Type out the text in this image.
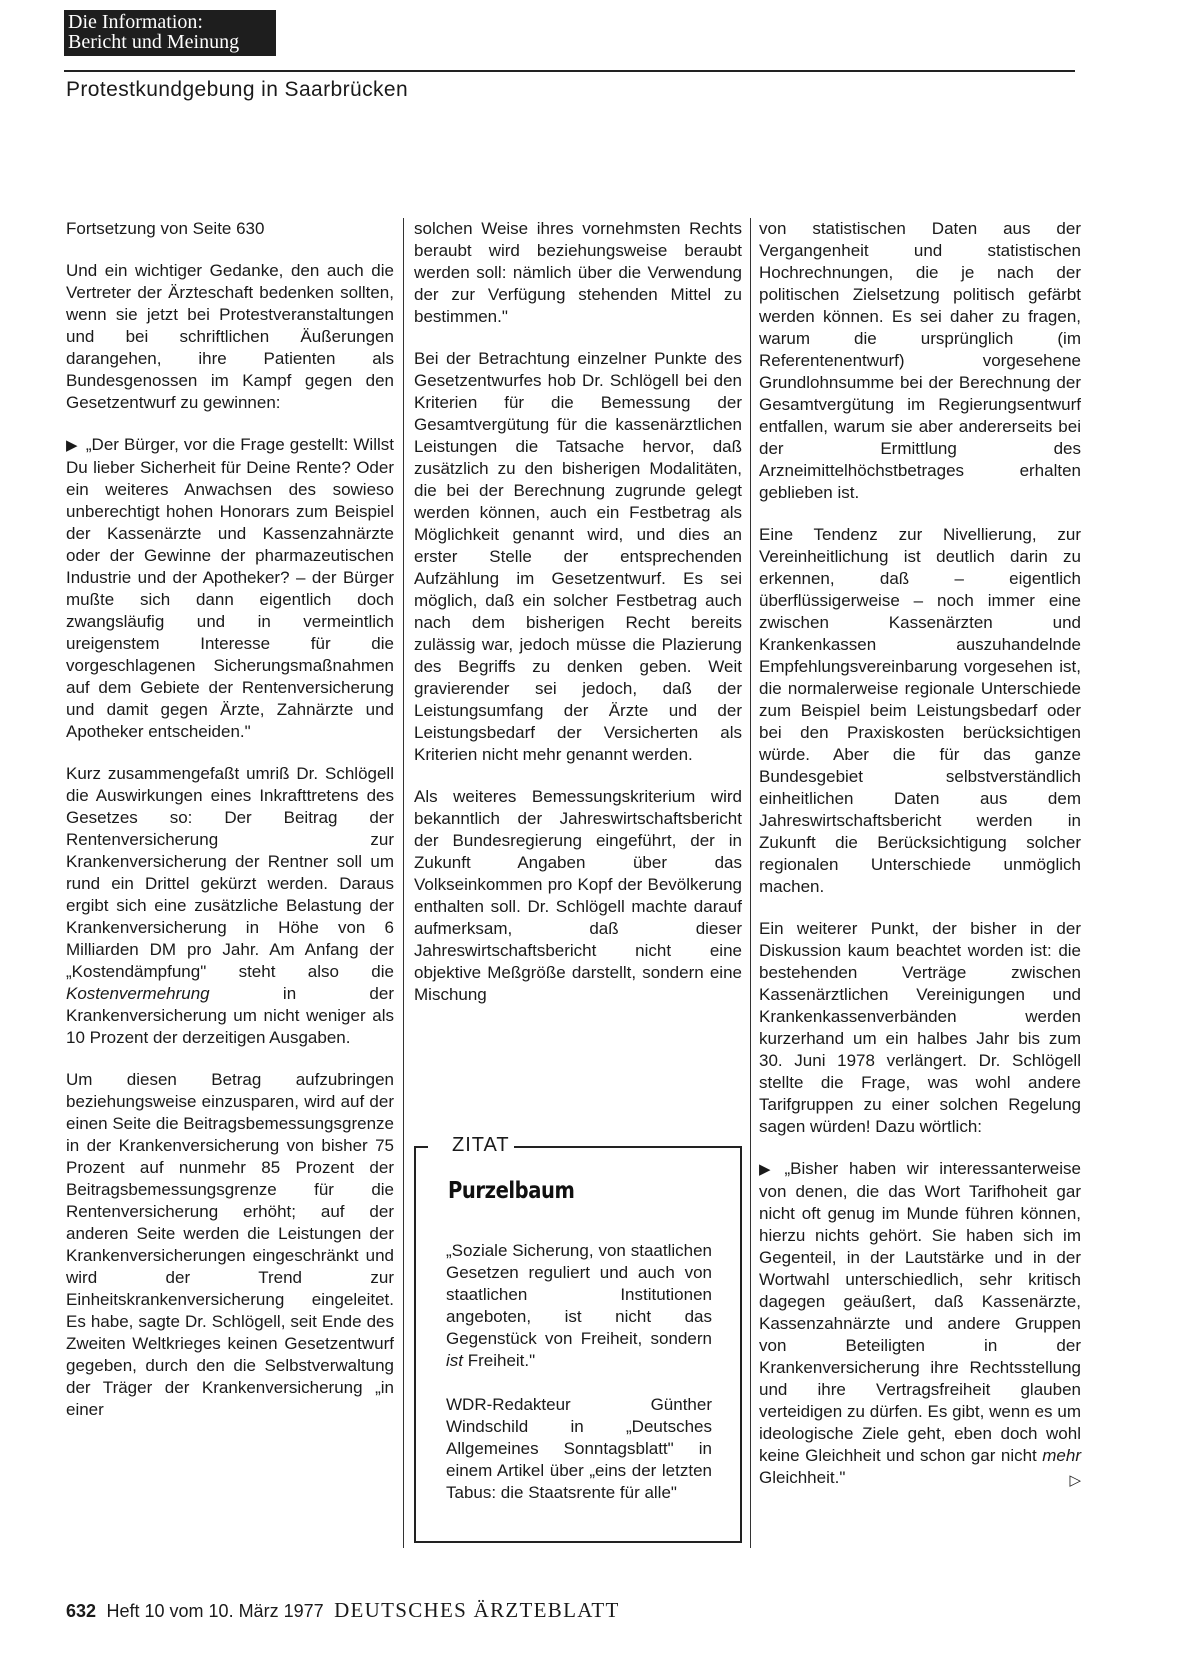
Die Information:
Bericht und Meinung
Protestkundgebung in Saarbrücken

Fortsetzung von Seite 630

Und ein wichtiger Gedanke, den auch die Vertreter der Ärzteschaft bedenken sollten, wenn sie jetzt bei Protestveranstaltungen und bei schriftlichen Äußerungen darangehen, ihre Patienten als Bundesgenossen im Kampf gegen den Gesetzentwurf zu gewinnen:

▶ „Der Bürger, vor die Frage gestellt: Willst Du lieber Sicherheit für Deine Rente? Oder ein weiteres Anwachsen des sowieso unberechtigt hohen Honorars zum Beispiel der Kassenärzte und Kassenzahnärzte oder der Gewinne der pharmazeutischen Industrie und der Apotheker? – der Bürger mußte sich dann eigentlich doch zwangsläufig und in vermeintlich ureigenstem Interesse für die vorgeschlagenen Sicherungsmaßnahmen auf dem Gebiete der Rentenversicherung und damit gegen Ärzte, Zahnärzte und Apotheker entscheiden."

Kurz zusammengefaßt umriß Dr. Schlögell die Auswirkungen eines Inkrafttretens des Gesetzes so: Der Beitrag der Rentenversicherung zur Krankenversicherung der Rentner soll um rund ein Drittel gekürzt werden. Daraus ergibt sich eine zusätzliche Belastung der Krankenversicherung in Höhe von 6 Milliarden DM pro Jahr. Am Anfang der „Kostendämpfung" steht also die Kostenvermehrung in der Krankenversicherung um nicht weniger als 10 Prozent der derzeitigen Ausgaben.

Um diesen Betrag aufzubringen beziehungsweise einzusparen, wird auf der einen Seite die Beitragsbemessungsgrenze in der Krankenversicherung von bisher 75 Prozent auf nunmehr 85 Prozent der Beitragsbemessungsgrenze für die Rentenversicherung erhöht; auf der anderen Seite werden die Leistungen der Krankenversicherungen eingeschränkt und wird der Trend zur Einheitskrankenversicherung eingeleitet. Es habe, sagte Dr. Schlögell, seit Ende des Zweiten Weltkrieges keinen Gesetzentwurf gegeben, durch den die Selbstverwaltung der Träger der Krankenversicherung „in einer

solchen Weise ihres vornehmsten Rechts beraubt wird beziehungsweise beraubt werden soll: nämlich über die Verwendung der zur Verfügung stehenden Mittel zu bestimmen."

Bei der Betrachtung einzelner Punkte des Gesetzentwurfes hob Dr. Schlögell bei den Kriterien für die Bemessung der Gesamtvergütung für die kassenärztlichen Leistungen die Tatsache hervor, daß zusätzlich zu den bisherigen Modalitäten, die bei der Berechnung zugrunde gelegt werden können, auch ein Festbetrag als Möglichkeit genannt wird, und dies an erster Stelle der entsprechenden Aufzählung im Gesetzentwurf. Es sei möglich, daß ein solcher Festbetrag auch nach dem bisherigen Recht bereits zulässig war, jedoch müsse die Plazierung des Begriffs zu denken geben. Weit gravierender sei jedoch, daß der Leistungsumfang der Ärzte und der Leistungsbedarf der Versicherten als Kriterien nicht mehr genannt werden.

Als weiteres Bemessungskriterium wird bekanntlich der Jahreswirtschaftsbericht der Bundesregierung eingeführt, der in Zukunft Angaben über das Volkseinkommen pro Kopf der Bevölkerung enthalten soll. Dr. Schlögell machte darauf aufmerksam, daß dieser Jahreswirtschaftsbericht nicht eine objektive Meßgröße darstellt, sondern eine Mischung

ZITAT
Purzelbaum

„Soziale Sicherung, von staatlichen Gesetzen reguliert und auch von staatlichen Institutionen angeboten, ist nicht das Gegenstück von Freiheit, sondern ist Freiheit."

WDR-Redakteur Günther Windschild in „Deutsches Allgemeines Sonntagsblatt" in einem Artikel über „eins der letzten Tabus: die Staatsrente für alle"

von statistischen Daten aus der Vergangenheit und statistischen Hochrechnungen, die je nach der politischen Zielsetzung politisch gefärbt werden können. Es sei daher zu fragen, warum die ursprünglich (im Referentenentwurf) vorgesehene Grundlohnsumme bei der Berechnung der Gesamtvergütung im Regierungsentwurf entfallen, warum sie aber andererseits bei der Ermittlung des Arzneimittelhöchstbetrages erhalten geblieben ist.

Eine Tendenz zur Nivellierung, zur Vereinheitlichung ist deutlich darin zu erkennen, daß – eigentlich überflüssigerweise – noch immer eine zwischen Kassenärzten und Krankenkassen auszuhandelnde Empfehlungsvereinbarung vorgesehen ist, die normalerweise regionale Unterschiede zum Beispiel beim Leistungsbedarf oder bei den Praxiskosten berücksichtigen würde. Aber die für das ganze Bundesgebiet selbstverständlich einheitlichen Daten aus dem Jahreswirtschaftsbericht werden in Zukunft die Berücksichtigung solcher regionalen Unterschiede unmöglich machen.

Ein weiterer Punkt, der bisher in der Diskussion kaum beachtet worden ist: die bestehenden Verträge zwischen Kassenärztlichen Vereinigungen und Krankenkassenverbänden werden kurzerhand um ein halbes Jahr bis zum 30. Juni 1978 verlängert. Dr. Schlögell stellte die Frage, was wohl andere Tarifgruppen zu einer solchen Regelung sagen würden! Dazu wörtlich:

▶ „Bisher haben wir interessanterweise von denen, die das Wort Tarifhoheit gar nicht oft genug im Munde führen können, hierzu nichts gehört. Sie haben sich im Gegenteil, in der Lautstärke und in der Wortwahl unterschiedlich, sehr kritisch dagegen geäußert, daß Kassenärzte, Kassenzahnärzte und andere Gruppen von Beteiligten in der Krankenversicherung ihre Rechtsstellung und ihre Vertragsfreiheit glauben verteidigen zu dürfen. Es gibt, wenn es um ideologische Ziele geht, eben doch wohl keine Gleichheit und schon gar nicht mehr Gleichheit."	▷

632 Heft 10 vom 10. März 1977 DEUTSCHES ÄRZTEBLATT
